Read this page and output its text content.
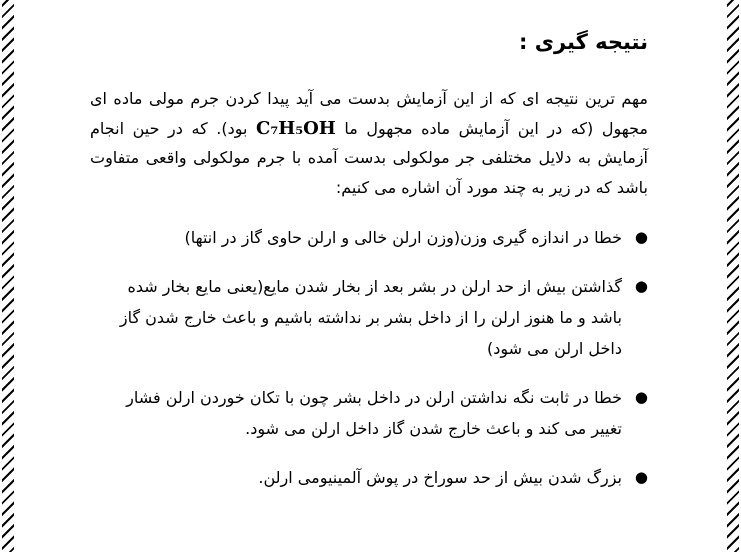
نتیجه گیری :
مهم ترین نتیجه ای که از این آزمایش بدست می آید پیدا کردن جرم مولی ماده ای مجهول (که در این آزمایش ماده مجهول ما C₇H₅OH بود). که در حین انجام آزمایش به دلایل مختلفی جر مولکولی بدست آمده با جرم مولکولی واقعی متفاوت باشد که در زیر به چند مورد آن اشاره می کنیم:
●
خطا در اندازه گیری وزن(وزن ارلن خالی و ارلن حاوی گاز در انتها)
●
گذاشتن بیش از حد ارلن در بشر بعد از بخار شدن مایع(یعنی مایع بخار شده باشد و ما هنوز ارلن را از داخل بشر بر نداشته باشیم و باعث خارج شدن گاز داخل ارلن می شود)
●
خطا در ثابت نگه نداشتن ارلن در داخل بشر چون با تکان خوردن ارلن فشار تغییر می کند و باعث خارج شدن گاز داخل ارلن می شود.
●
بزرگ شدن بیش از حد سوراخ در پوش آلمینیومی ارلن.
